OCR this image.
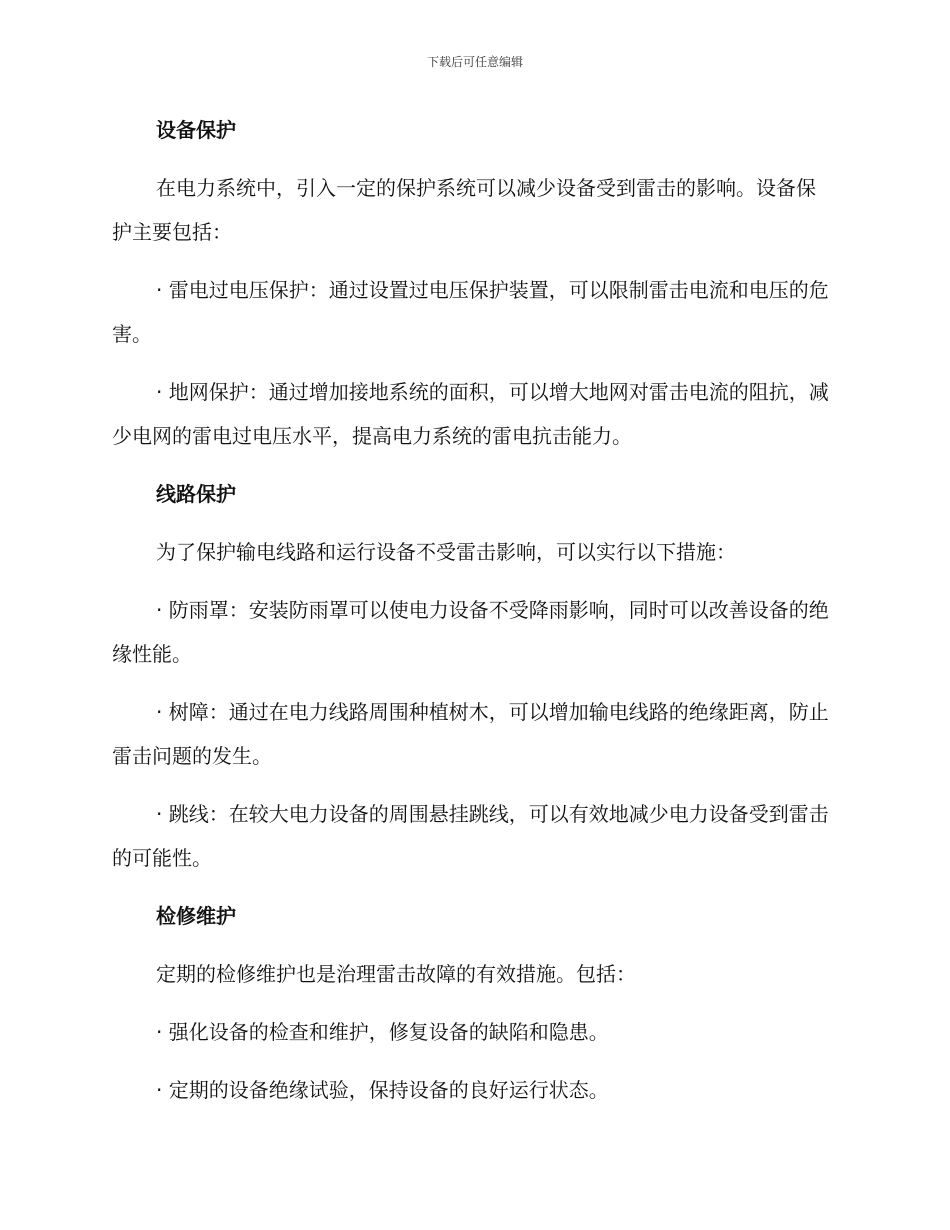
下载后可任意编辑
设备保护
在电力系统中，引入一定的保护系统可以减少设备受到雷击的影响。设备保护主要包括：
· 雷电过电压保护：通过设置过电压保护装置，可以限制雷击电流和电压的危害。
· 地网保护：通过增加接地系统的面积，可以增大地网对雷击电流的阻抗，减少电网的雷电过电压水平，提高电力系统的雷电抗击能力。
线路保护
为了保护输电线路和运行设备不受雷击影响，可以实行以下措施：
· 防雨罩：安装防雨罩可以使电力设备不受降雨影响，同时可以改善设备的绝缘性能。
· 树障：通过在电力线路周围种植树木，可以增加输电线路的绝缘距离，防止雷击问题的发生。
· 跳线：在较大电力设备的周围悬挂跳线，可以有效地减少电力设备受到雷击的可能性。
检修维护
定期的检修维护也是治理雷击故障的有效措施。包括：
· 强化设备的检查和维护，修复设备的缺陷和隐患。
· 定期的设备绝缘试验，保持设备的良好运行状态。
